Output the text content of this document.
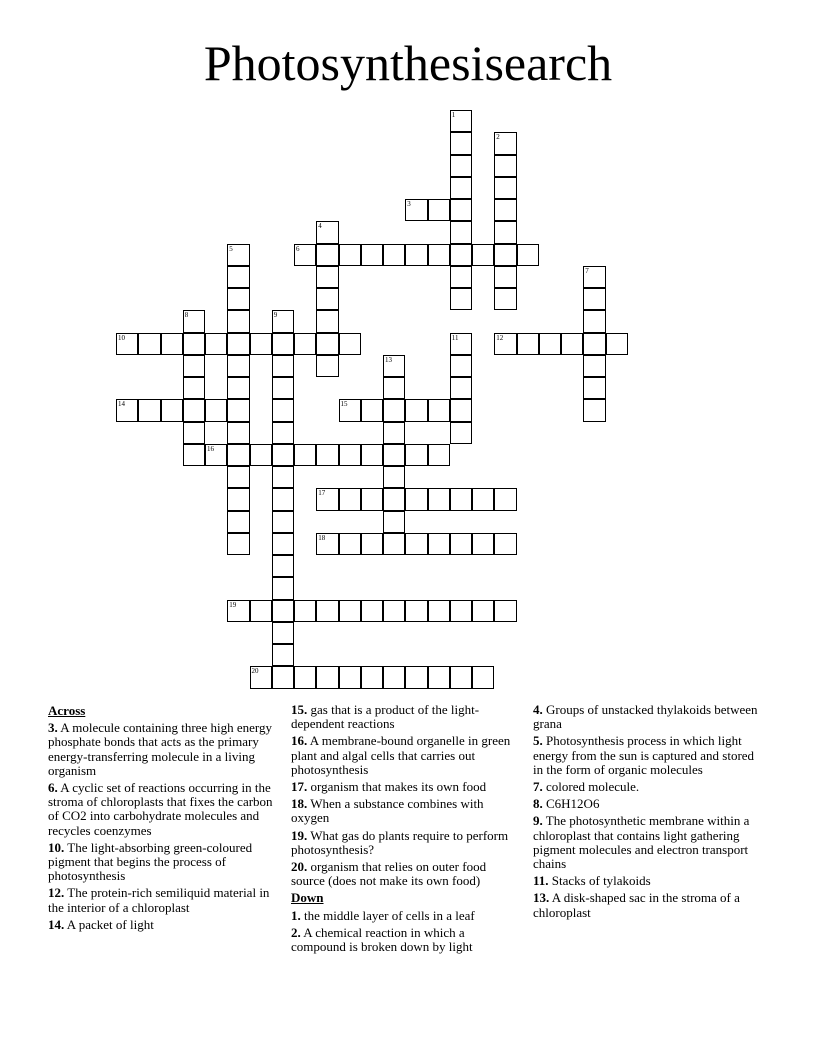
Photosynthesisearch
1
2
3
4
5	6
7
8	9
10	11	12
13
14	15
16
17
18
19
20
Across
3. A molecule containing three high energy phosphate bonds that acts as the primary energy-transferring molecule in a living organism
6. A cyclic set of reactions occurring in the stroma of chloroplasts that fixes the carbon of CO2 into carbohydrate molecules and recycles coenzymes
10. The light-absorbing green-coloured pigment that begins the process of photosynthesis
12. The protein-rich semiliquid material in the interior of a chloroplast
14. A packet of light
15. gas that is a product of the light-dependent reactions
16. A membrane-bound organelle in green plant and algal cells that carries out photosynthesis
17. organism that makes its own food
18. When a substance combines with oxygen
19. What gas do plants require to perform photosynthesis?
20. organism that relies on outer food source (does not make its own food)
Down
1. the middle layer of cells in a leaf
2. A chemical reaction in which a compound is broken down by light
4. Groups of unstacked thylakoids between grana
5. Photosynthesis process in which light energy from the sun is captured and stored in the form of organic molecules
7. colored molecule.
8. C6H12O6
9. The photosynthetic membrane within a chloroplast that contains light gathering pigment molecules and electron transport chains
11. Stacks of tylakoids
13. A disk-shaped sac in the stroma of a chloroplast
